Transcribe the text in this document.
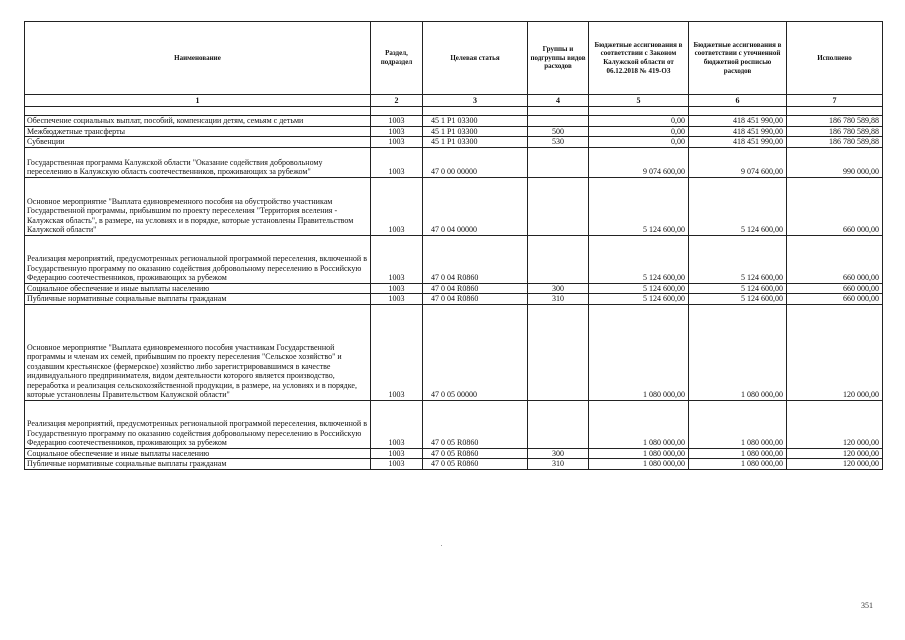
Наименование	Раздел, подраздел	Целевая статья	Группы и подгруппы видов расходов	Бюджетные ассигнования в соответствии с Законом Калужской области от 06.12.2018 № 419-ОЗ	Бюджетные ассигнования в соответствии с уточненной бюджетной росписью расходов	Исполнено
1	2	3	4	5	6	7

Обеспечение социальных выплат, пособий, компенсации детям, семьям с детьми	1003	45 1 P1 03300		0,00	418 451 990,00	186 780 589,88
Межбюджетные трансферты	1003	45 1 P1 03300	500	0,00	418 451 990,00	186 780 589,88
Субвенции	1003	45 1 P1 03300	530	0,00	418 451 990,00	186 780 589,88
Государственная программа Калужской области "Оказание содействия добровольному переселению в Калужскую область соотечественников, проживающих за рубежом"	1003	47 0 00 00000		9 074 600,00	9 074 600,00	990 000,00
Основное мероприятие "Выплата единовременного пособия на обустройство участникам Государственной программы, прибывшим по проекту переселения "Территория вселения - Калужская область", в размере, на условиях и в порядке, которые установлены Правительством Калужской области"	1003	47 0 04 00000		5 124 600,00	5 124 600,00	660 000,00
Реализация мероприятий, предусмотренных региональной программой переселения, включенной в Государственную программу по оказанию содействия добровольному переселению в Российскую Федерацию соотечественников, проживающих за рубежом	1003	47 0 04 R0860		5 124 600,00	5 124 600,00	660 000,00
Социальное обеспечение и иные выплаты населению	1003	47 0 04 R0860	300	5 124 600,00	5 124 600,00	660 000,00
Публичные нормативные социальные выплаты гражданам	1003	47 0 04 R0860	310	5 124 600,00	5 124 600,00	660 000,00
Основное мероприятие "Выплата единовременного пособия участникам Государственной программы и членам их семей, прибывшим по проекту переселения "Сельское хозяйство" и создавшим крестьянское (фермерское) хозяйство либо зарегистрировавшимся в качестве индивидуального предпринимателя, видом деятельности которого является производство, переработка и реализация сельскохозяйственной продукции, в размере, на условиях и в порядке, которые установлены Правительством Калужской области"	1003	47 0 05 00000		1 080 000,00	1 080 000,00	120 000,00
Реализация мероприятий, предусмотренных региональной программой переселения, включенной в Государственную программу по оказанию содействия добровольному переселению в Российскую Федерацию соотечественников, проживающих за рубежом	1003	47 0 05 R0860		1 080 000,00	1 080 000,00	120 000,00
Социальное обеспечение и иные выплаты населению	1003	47 0 05 R0860	300	1 080 000,00	1 080 000,00	120 000,00
Публичные нормативные социальные выплаты гражданам	1003	47 0 05 R0860	310	1 080 000,00	1 080 000,00	120 000,00
351
